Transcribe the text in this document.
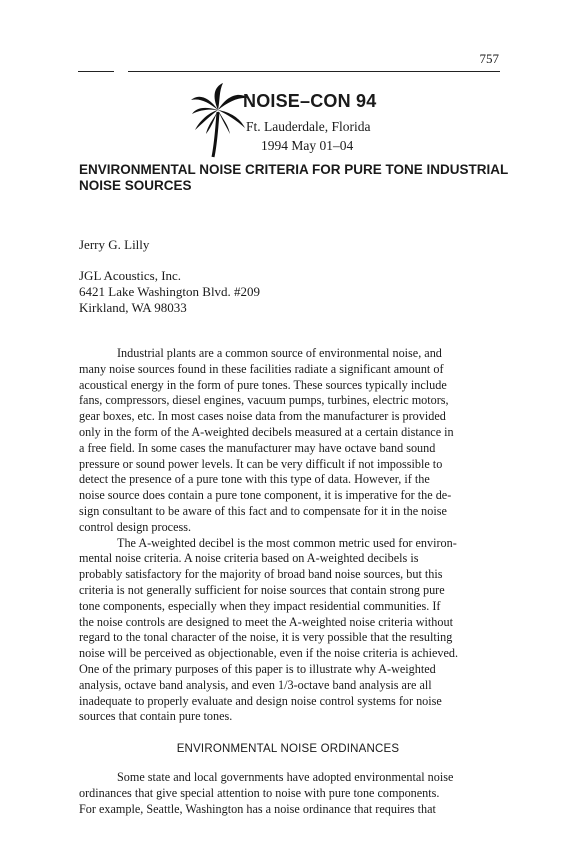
757
NOISE–CON 94
Ft. Lauderdale, Florida
1994 May 01–04
ENVIRONMENTAL NOISE CRITERIA FOR PURE TONE INDUSTRIAL NOISE SOURCES
Jerry G. Lilly
JGL Acoustics, Inc.
6421 Lake Washington Blvd. #209
Kirkland, WA 98033
Industrial plants are a common source of environmental noise, and
many noise sources found in these facilities radiate a significant amount of
acoustical energy in the form of pure tones. These sources typically include
fans, compressors, diesel engines, vacuum pumps, turbines, electric motors,
gear boxes, etc. In most cases noise data from the manufacturer is provided
only in the form of the A-weighted decibels measured at a certain distance in
a free field. In some cases the manufacturer may have octave band sound
pressure or sound power levels. It can be very difficult if not impossible to
detect the presence of a pure tone with this type of data. However, if the
noise source does contain a pure tone component, it is imperative for the de-
sign consultant to be aware of this fact and to compensate for it in the noise
control design process.
The A-weighted decibel is the most common metric used for environ-
mental noise criteria. A noise criteria based on A-weighted decibels is
probably satisfactory for the majority of broad band noise sources, but this
criteria is not generally sufficient for noise sources that contain strong pure
tone components, especially when they impact residential communities. If
the noise controls are designed to meet the A-weighted noise criteria without
regard to the tonal character of the noise, it is very possible that the resulting
noise will be perceived as objectionable, even if the noise criteria is achieved.
One of the primary purposes of this paper is to illustrate why A-weighted
analysis, octave band analysis, and even 1/3-octave band analysis are all
inadequate to properly evaluate and design noise control systems for noise
sources that contain pure tones.
ENVIRONMENTAL NOISE ORDINANCES
Some state and local governments have adopted environmental noise
ordinances that give special attention to noise with pure tone components.
For example, Seattle, Washington has a noise ordinance that requires that
